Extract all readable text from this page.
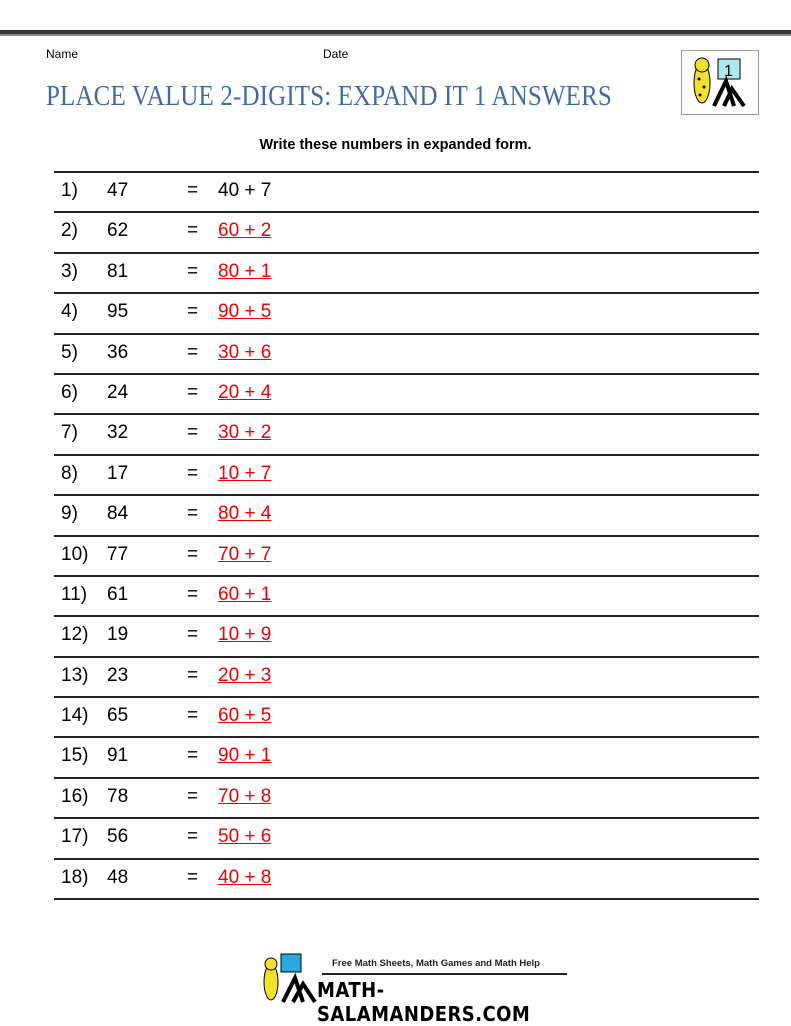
Name	Date
PLACE VALUE 2-DIGITS: EXPAND IT 1 ANSWERS
1
Write these numbers in expanded form.
1) 47	= 40 + 7
2) 62	= 60 + 2
3) 81	= 80 + 1
4) 95	= 90 + 5
5) 36	= 30 + 6
6) 24	= 20 + 4
7) 32	= 30 + 2
8) 17	= 10 + 7
9) 84	= 80 + 4
10) 77	= 70 + 7
11) 61	= 60 + 1
12) 19	= 10 + 9
13) 23	= 20 + 3
14) 65	= 60 + 5
15) 91	= 90 + 1
16) 78	= 70 + 8
17) 56	= 50 + 6
18) 48	= 40 + 8
Free Math Sheets, Math Games and Math Help
MATH-SALAMANDERS.COM
